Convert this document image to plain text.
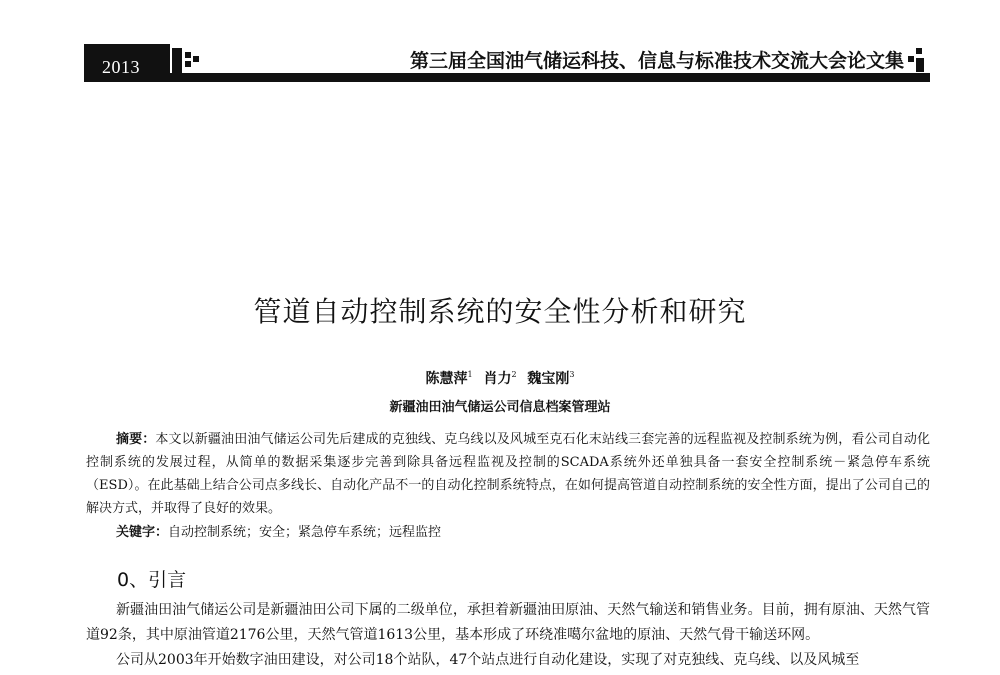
2013	第三届全国油气储运科技、信息与标准技术交流大会论文集
管道自动控制系统的安全性分析和研究
陈慧萍$^1$ 肖力$^2$ 魏宝刚$^3$
新疆油田油气储运公司信息档案管理站
摘要：本文以新疆油田油气储运公司先后建成的克独线、克乌线以及风城至克石化末站线三套完善的远程监视及控制系统为例，看公司自动化控制系统的发展过程，从简单的数据采集逐步完善到除具备远程监视及控制的SCADA系统外还单独具备一套安全控制系统－紧急停车系统（ESD）。在此基础上结合公司点多线长、自动化产品不一的自动化控制系统特点，在如何提高管道自动控制系统的安全性方面，提出了公司自己的解决方式，并取得了良好的效果。
关键字：自动控制系统；安全；紧急停车系统；远程监控
0、引言

新疆油田油气储运公司是新疆油田公司下属的二级单位，承担着新疆油田原油、天然气输送和销售业务。目前，拥有原油、天然气管道92条，其中原油管道2176公里，天然气管道1613公里，基本形成了环绕准噶尔盆地的原油、天然气骨干输送环网。

公司从2003年开始数字油田建设，对公司18个站队，47个站点进行自动化建设，实现了对克独线、克乌线、以及风城至
